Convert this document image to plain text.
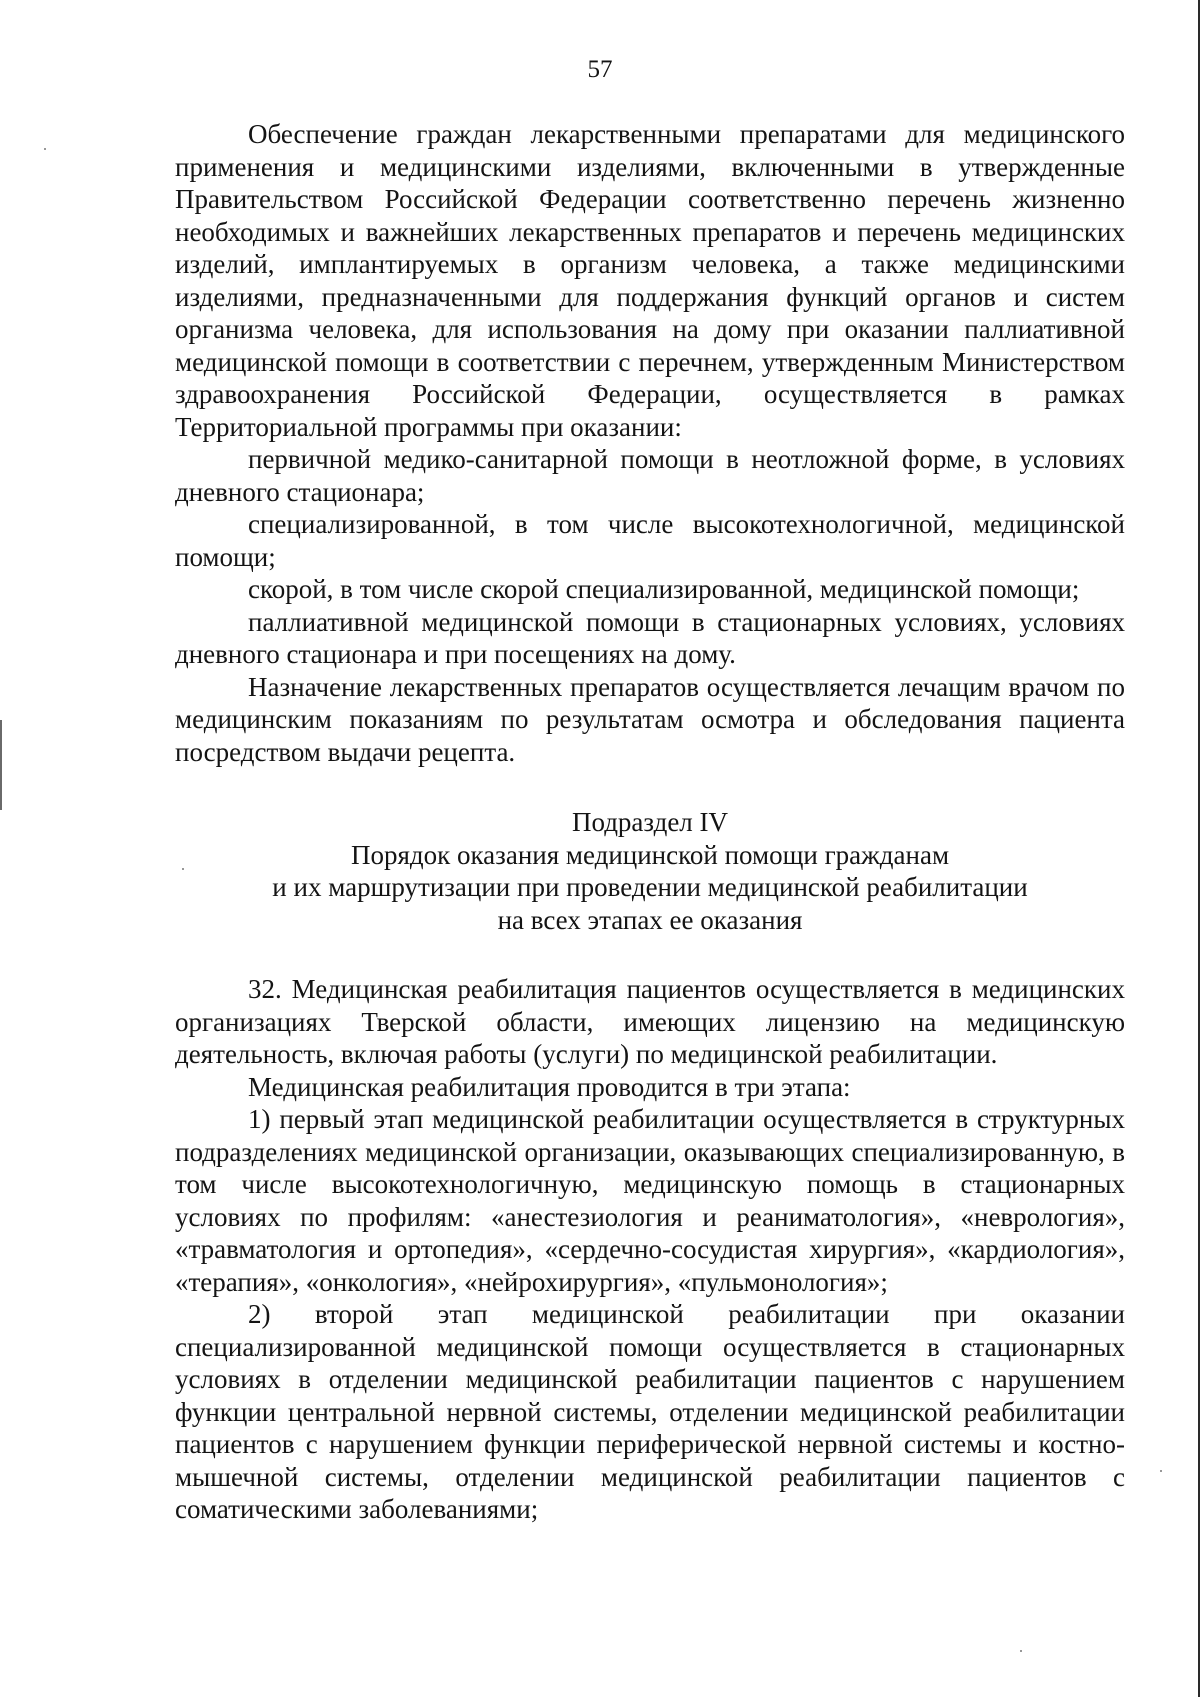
57

Обеспечение граждан лекарственными препаратами для медицинского применения и медицинскими изделиями, включенными в утвержденные Правительством Российской Федерации соответственно перечень жизненно необходимых и важнейших лекарственных препаратов и перечень медицинских изделий, имплантируемых в организм человека, а также медицинскими изделиями, предназначенными для поддержания функций органов и систем организма человека, для использования на дому при оказании паллиативной медицинской помощи в соответствии с перечнем, утвержденным Министерством здравоохранения Российской Федерации, осуществляется в рамках Территориальной программы при оказании:

первичной медико-санитарной помощи в неотложной форме, в условиях дневного стационара;

специализированной, в том числе высокотехнологичной, медицинской помощи;

скорой, в том числе скорой специализированной, медицинской помощи;

паллиативной медицинской помощи в стационарных условиях, условиях дневного стационара и при посещениях на дому.

Назначение лекарственных препаратов осуществляется лечащим врачом по медицинским показаниям по результатам осмотра и обследования пациента посредством выдачи рецепта.

Подраздел IV

Порядок оказания медицинской помощи гражданам

и их маршрутизации при проведении медицинской реабилитации

на всех этапах ее оказания

32. Медицинская реабилитация пациентов осуществляется в медицинских организациях Тверской области, имеющих лицензию на медицинскую деятельность, включая работы (услуги) по медицинской реабилитации.

Медицинская реабилитация проводится в три этапа:

1) первый этап медицинской реабилитации осуществляется в структурных подразделениях медицинской организации, оказывающих специализированную, в том числе высокотехнологичную, медицинскую помощь в стационарных условиях по профилям: «анестезиология и реаниматология», «неврология», «травматология и ортопедия», «сердечно-сосудистая хирургия», «кардиология», «терапия», «онкология», «нейрохирургия», «пульмонология»;

2) второй этап медицинской реабилитации при оказании специализированной медицинской помощи осуществляется в стационарных условиях в отделении медицинской реабилитации пациентов с нарушением функции центральной нервной системы, отделении медицинской реабилитации пациентов с нарушением функции периферической нервной системы и костно-мышечной системы, отделении медицинской реабилитации пациентов с соматическими заболеваниями;
